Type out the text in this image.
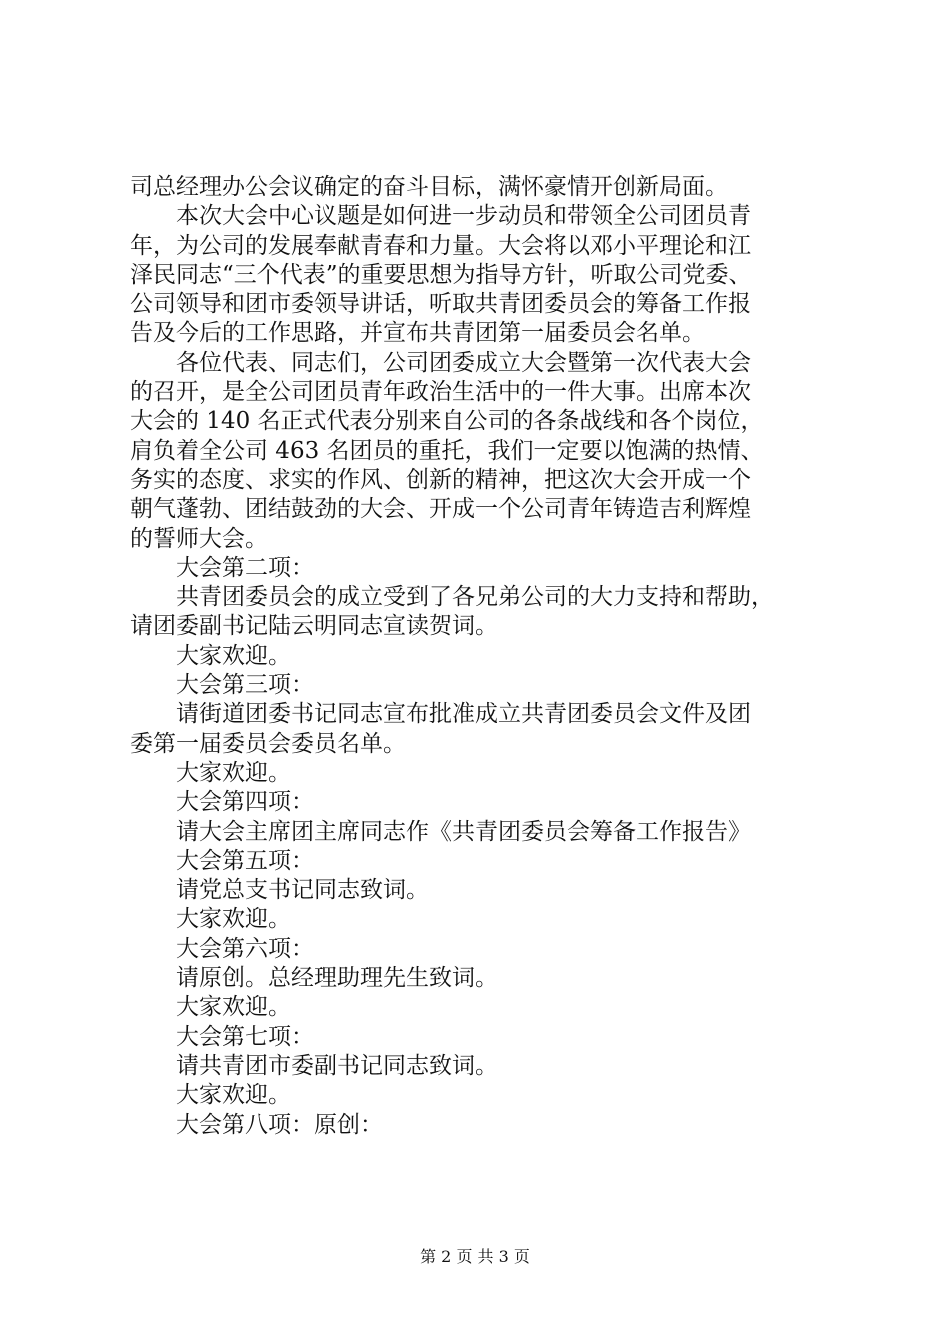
司总经理办公会议确定的奋斗目标，满怀豪情开创新局面。
本次大会中心议题是如何进一步动员和带领全公司团员青
年，为公司的发展奉献青春和力量。大会将以邓小平理论和江
泽民同志“三个代表”的重要思想为指导方针，听取公司党委、
公司领导和团市委领导讲话，听取共青团委员会的筹备工作报
告及今后的工作思路，并宣布共青团第一届委员会名单。
各位代表、同志们，公司团委成立大会暨第一次代表大会
的召开，是全公司团员青年政治生活中的一件大事。出席本次
大会的 140 名正式代表分别来自公司的各条战线和各个岗位，
肩负着全公司 463 名团员的重托，我们一定要以饱满的热情、
务实的态度、求实的作风、创新的精神，把这次大会开成一个
朝气蓬勃、团结鼓劲的大会、开成一个公司青年铸造吉利辉煌
的誓师大会。
大会第二项：
共青团委员会的成立受到了各兄弟公司的大力支持和帮助，
请团委副书记陆云明同志宣读贺词。
大家欢迎。
大会第三项：
请街道团委书记同志宣布批准成立共青团委员会文件及团
委第一届委员会委员名单。
大家欢迎。
大会第四项：
请大会主席团主席同志作《共青团委员会筹备工作报告》
大会第五项：
请党总支书记同志致词。
大家欢迎。
大会第六项：
请原创。总经理助理先生致词。
大家欢迎。
大会第七项：
请共青团市委副书记同志致词。
大家欢迎。
大会第八项：原创：
第 2 页 共 3 页
